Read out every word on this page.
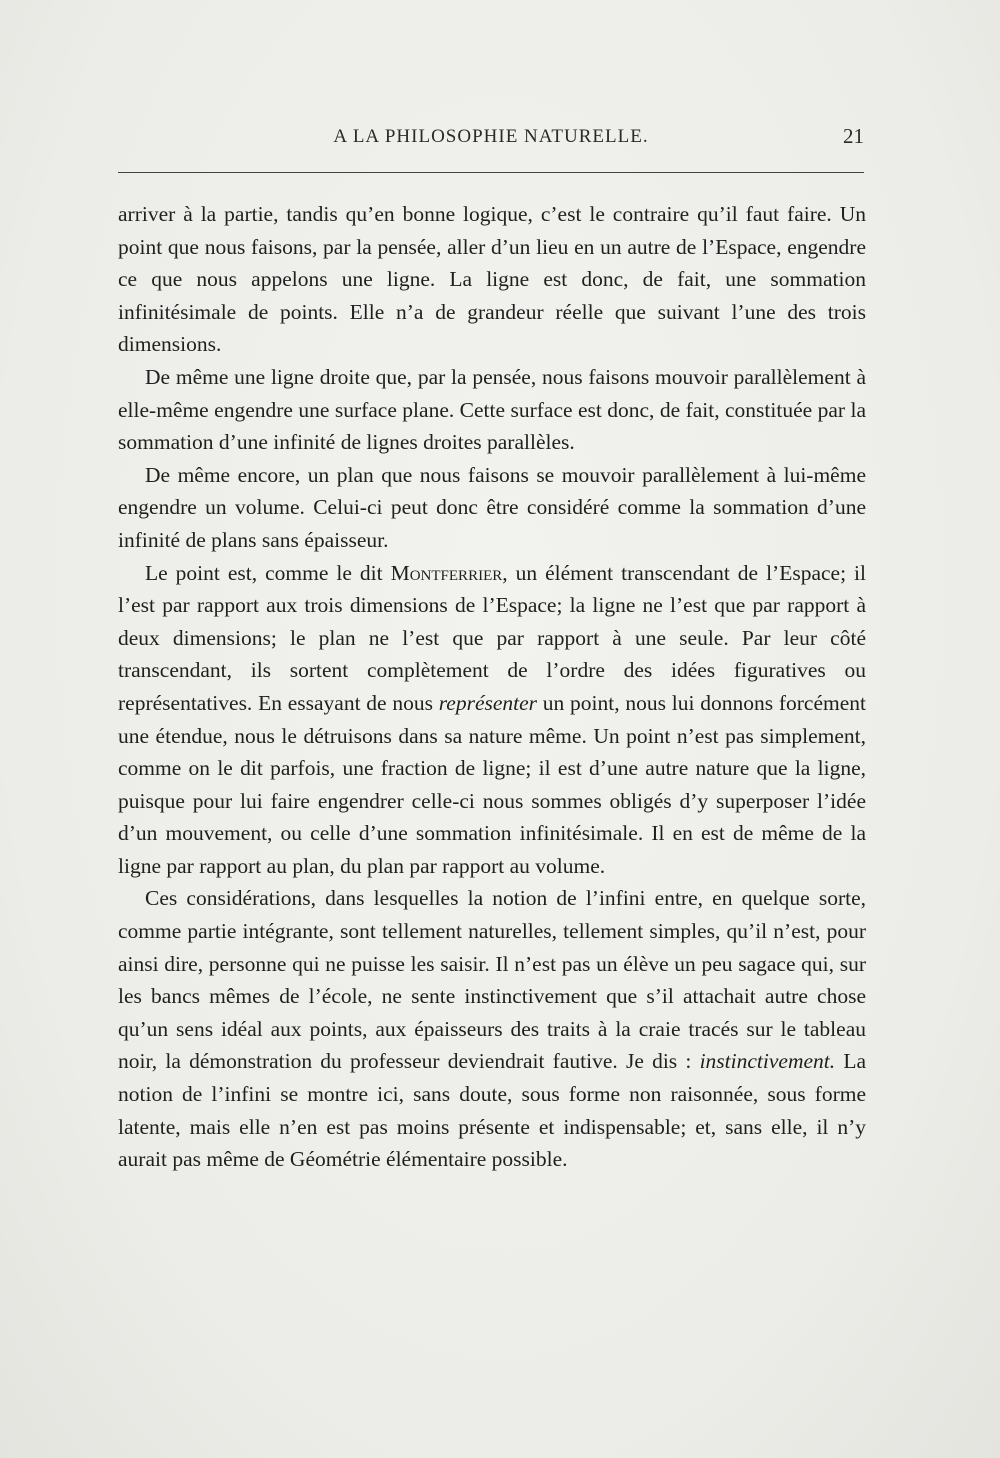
A LA PHILOSOPHIE NATURELLE.	21

arriver à la partie, tandis qu’en bonne logique, c’est le contraire qu’il faut faire. Un point que nous faisons, par la pensée, aller d’un lieu en un autre de l’Espace, engendre ce que nous appelons une ligne. La ligne est donc, de fait, une sommation infinitésimale de points. Elle n’a de grandeur réelle que suivant l’une des trois dimensions.

De même une ligne droite que, par la pensée, nous faisons mouvoir parallèlement à elle-même engendre une surface plane. Cette surface est donc, de fait, constituée par la sommation d’une infinité de lignes droites parallèles.

De même encore, un plan que nous faisons se mouvoir parallèlement à lui-même engendre un volume. Celui-ci peut donc être considéré comme la sommation d’une infinité de plans sans épaisseur.

Le point est, comme le dit Montferrier, un élément transcendant de l’Espace; il l’est par rapport aux trois dimensions de l’Espace; la ligne ne l’est que par rapport à deux dimensions; le plan ne l’est que par rapport à une seule. Par leur côté transcendant, ils sortent complètement de l’ordre des idées figuratives ou représentatives. En essayant de nous représenter un point, nous lui donnons forcément une étendue, nous le détruisons dans sa nature même. Un point n’est pas simplement, comme on le dit parfois, une fraction de ligne; il est d’une autre nature que la ligne, puisque pour lui faire engendrer celle-ci nous sommes obligés d’y superposer l’idée d’un mouvement, ou celle d’une sommation infinitésimale. Il en est de même de la ligne par rapport au plan, du plan par rapport au volume.

Ces considérations, dans lesquelles la notion de l’infini entre, en quelque sorte, comme partie intégrante, sont tellement naturelles, tellement simples, qu’il n’est, pour ainsi dire, personne qui ne puisse les saisir. Il n’est pas un élève un peu sagace qui, sur les bancs mêmes de l’école, ne sente instinctivement que s’il attachait autre chose qu’un sens idéal aux points, aux épaisseurs des traits à la craie tracés sur le tableau noir, la démonstration du professeur deviendrait fautive. Je dis : instinctivement. La notion de l’infini se montre ici, sans doute, sous forme non raisonnée, sous forme latente, mais elle n’en est pas moins présente et indispensable; et, sans elle, il n’y aurait pas même de Géométrie élémentaire possible.
